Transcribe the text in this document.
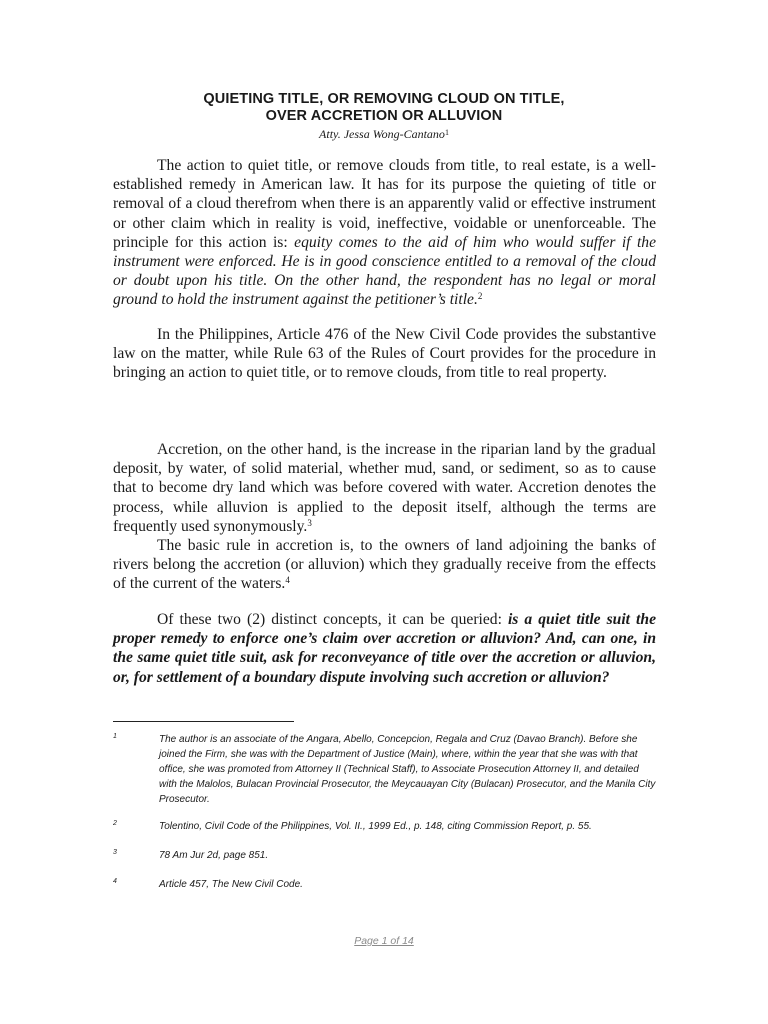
QUIETING TITLE, OR REMOVING CLOUD ON TITLE,
OVER ACCRETION OR ALLUVION
Atty. Jessa Wong-Cantano$^1$

The action to quiet title, or remove clouds from title, to real estate, is a well-established remedy in American law. It has for its purpose the quieting of title or removal of a cloud therefrom when there is an apparently valid or effective instrument or other claim which in reality is void, ineffective, voidable or unenforceable. The principle for this action is: equity comes to the aid of him who would suffer if the instrument were enforced. He is in good conscience entitled to a removal of the cloud or doubt upon his title. On the other hand, the respondent has no legal or moral ground to hold the instrument against the petitioner’s title.$^2$

In the Philippines, Article 476 of the New Civil Code provides the substantive law on the matter, while Rule 63 of the Rules of Court provides for the procedure in bringing an action to quiet title, or to remove clouds, from title to real property.

Accretion, on the other hand, is the increase in the riparian land by the gradual deposit, by water, of solid material, whether mud, sand, or sediment, so as to cause that to become dry land which was before covered with water. Accretion denotes the process, while alluvion is applied to the deposit itself, although the terms are frequently used synonymously.$^3$

The basic rule in accretion is, to the owners of land adjoining the banks of rivers belong the accretion (or alluvion) which they gradually receive from the effects of the current of the waters.$^4$

Of these two (2) distinct concepts, it can be queried: is a quiet title suit the proper remedy to enforce one’s claim over accretion or alluvion? And, can one, in the same quiet title suit, ask for reconveyance of title over the accretion or alluvion, or, for settlement of a boundary dispute involving such accretion or alluvion?

1	The author is an associate of the Angara, Abello, Concepcion, Regala and Cruz (Davao Branch). Before she joined the Firm, she was with the Department of Justice (Main), where, within the year that she was with that office, she was promoted from Attorney II (Technical Staff), to Associate Prosecution Attorney II, and detailed with the Malolos, Bulacan Provincial Prosecutor, the Meycauayan City (Bulacan) Prosecutor, and the Manila City Prosecutor.
2	Tolentino, Civil Code of the Philippines, Vol. II., 1999 Ed., p. 148, citing Commission Report, p. 55.
3	78 Am Jur 2d, page 851.
4	Article 457, The New Civil Code.
Page 1 of 14
